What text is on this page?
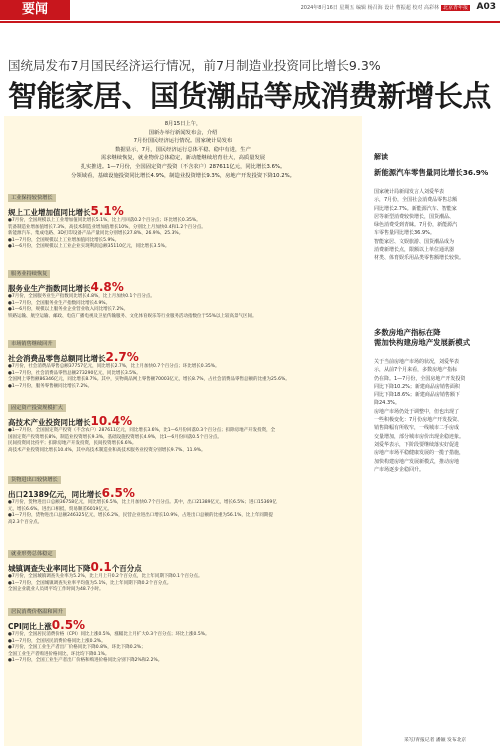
要闻	2024年8月16日 星期五 编辑 杨召海 设计 曹振超 校对 高彩林 北京青年报 A03
国统局发布7月国民经济运行情况，前7月制造业投资同比增长9.3%
智能家居、国货潮品等成消费新增长点
8月15日上午，
国新办举行新闻发布会，介绍
7月份国民经济运行情况。国家统计局发布
数据显示，7月，国民经济运行总体平稳、稳中有进，生产
需求继续恢复，就业物价总体稳定，新动能继续培育壮大，高质量发展
扎实推进。1—7月份，全国固定资产投资（不含农户）287611亿元，同比增长3.6%。
分领域看，基础设施投资同比增长4.9%，制造业投资增长9.3%，房地产开发投资下降10.2%。
工业保持较快增长
规上工业增加值同比增长5.1%
●7月份，全国规模以上工业增加值同比增长5.1%，比上月回落0.2个百分点；环比增长0.35%。
装备制造业增加值增长7.3%，高技术制造业增加值增长10%，分别比上月加快0.4和1.2个百分点。
新能源汽车、集成电路、3D打印设备产品产量同比分别增长27.8%、26.9%、25.3%。
●1—7月份，全国规模以上工业增加值同比增长5.9%。
●1—6月份，全国规模以上工业企业实现利润总额35110亿元，同比增长3.5%。
服务业持续恢复
服务业生产指数同比增长4.8%
●7月份，全国服务业生产指数同比增长4.8%，比上月加快0.1个百分点。
●1—7月份，全国服务业生产指数同比增长4.9%。
●1—6月份，规模以上服务业企业营业收入同比增长7.2%。
铁路运输、航空运输、邮政、电信广播电视及卫星传输服务、文化体育娱乐等行业服务活动指数位于55%以上较高景气区间。
市场销售继续回升
社会消费品零售总额同比增长2.7%
●7月份，社会消费品零售总额37757亿元，同比增长2.7%，比上月加快0.7个百分点；环比增长0.35%。
●1—7月份，社会消费品零售总额273290亿元，同比增长3.5%。
全国网上零售额86346亿元，同比增长8.7%。其中，实物商品网上零售额70003亿元，增长8.7%，占社会消费品零售总额的比重为25.6%。
●1—7月份，服务零售额同比增长7.2%。
固定资产投资规模扩大
高技术产业投资同比增长10.4%
●1—7月份，全国固定资产投资（不含农户）287611亿元，同比增长3.6%，比1—6月份回落0.3个百分点；扣除房地产开发投资，全
国固定资产投资增长8%，制造业投资增长9.3%，基础设施投资增长4.9%，比1—6月份回落0.5个百分点。
民间投资同比持平；扣除房地产开发投资，民间投资增长6.6%。
高技术产业投资同比增长10.4%，其中高技术制造业和高技术服务业投资分别增长9.7%、11.9%。
货物进出口较快增长
出口21389亿元，同比增长6.5%
●7月份，货物进出口总额36758亿元，同比增长6.5%，比上月加快0.7个百分点。其中，出口21389亿元，增长6.5%；进口15369亿
元，增长6.6%。进出口相抵，贸易顺差6019亿元。
●1—7月份，货物进出口总额246325亿元，增长6.2%，民营企业进出口增长10.9%，占进出口总额的比重为56.1%，比上年同期提
高2.3个百分点。
就业形势总体稳定
城镇调查失业率同比下降0.1个百分点
●7月份，全国城镇调查失业率为5.2%，比上月上升0.2个百分点，比上年同期下降0.1个百分点。
●1—7月份，全国城镇调查失业率平均值为5.1%，比上年同期下降0.2个百分点。
全国企业就业人员周平均工作时间为48.7小时。
居民消费价格温和回升
CPI同比上涨0.5%
●7月份，全国居民消费价格（CPI）同比上涨0.5%，涨幅比上月扩大0.3个百分点；环比上涨0.5%。
●1—7月份，全国居民消费价格同比上涨0.2%。
●7月份，全国工业生产者出厂价格同比下降0.8%，环比下降0.2%；
全国工业生产者购进价格同比，环比均下降0.1%。
●1—7月份，全国工业生产者出厂价格和购进价格同比分别下降2%和2.2%。
解读
新能源汽车零售量同比增长36.9%
国家统计局新闻发言人刘爱华表
示，7月份，全国社会消费品零售总额
同比增长2.7%。新能源汽车、智能家
居等新型消费较快增长，国货潮品、
绿色消费受到青睐。7月份，新能源汽
车零售量同比增长36.9%。
智能家居、文娱旅游、国货潮品成为
消费新增长点，限额以上单位通讯器
材类、体育娱乐用品类零售额增长较快。
多数房地产指标在降
需加快构建房地产发展新模式
关于当前房地产市场的状况，刘爱华表
示，从前7个月来看，多数房地产指标
仍在降。1—7月份，全国房地产开发投资
同比下降10.2%；新建商品房销售面积
同比下降18.6%；新建商品房销售额下
降24.3%。
房地产市场仍处于调整中，但也出现了
一些积极变化：7月份房地产开发投资、
销售降幅有所收窄，一线城市二手房成
交量增加，部分城市房价出现企稳迹象。
刘爱华表示，下阶段要继续落实好促进
房地产市场平稳健康发展的一揽子措施，
加快构建房地产发展新模式，推动房地
产市场逐步企稳回升。
采写/青报记者 潘颖 发布北京
